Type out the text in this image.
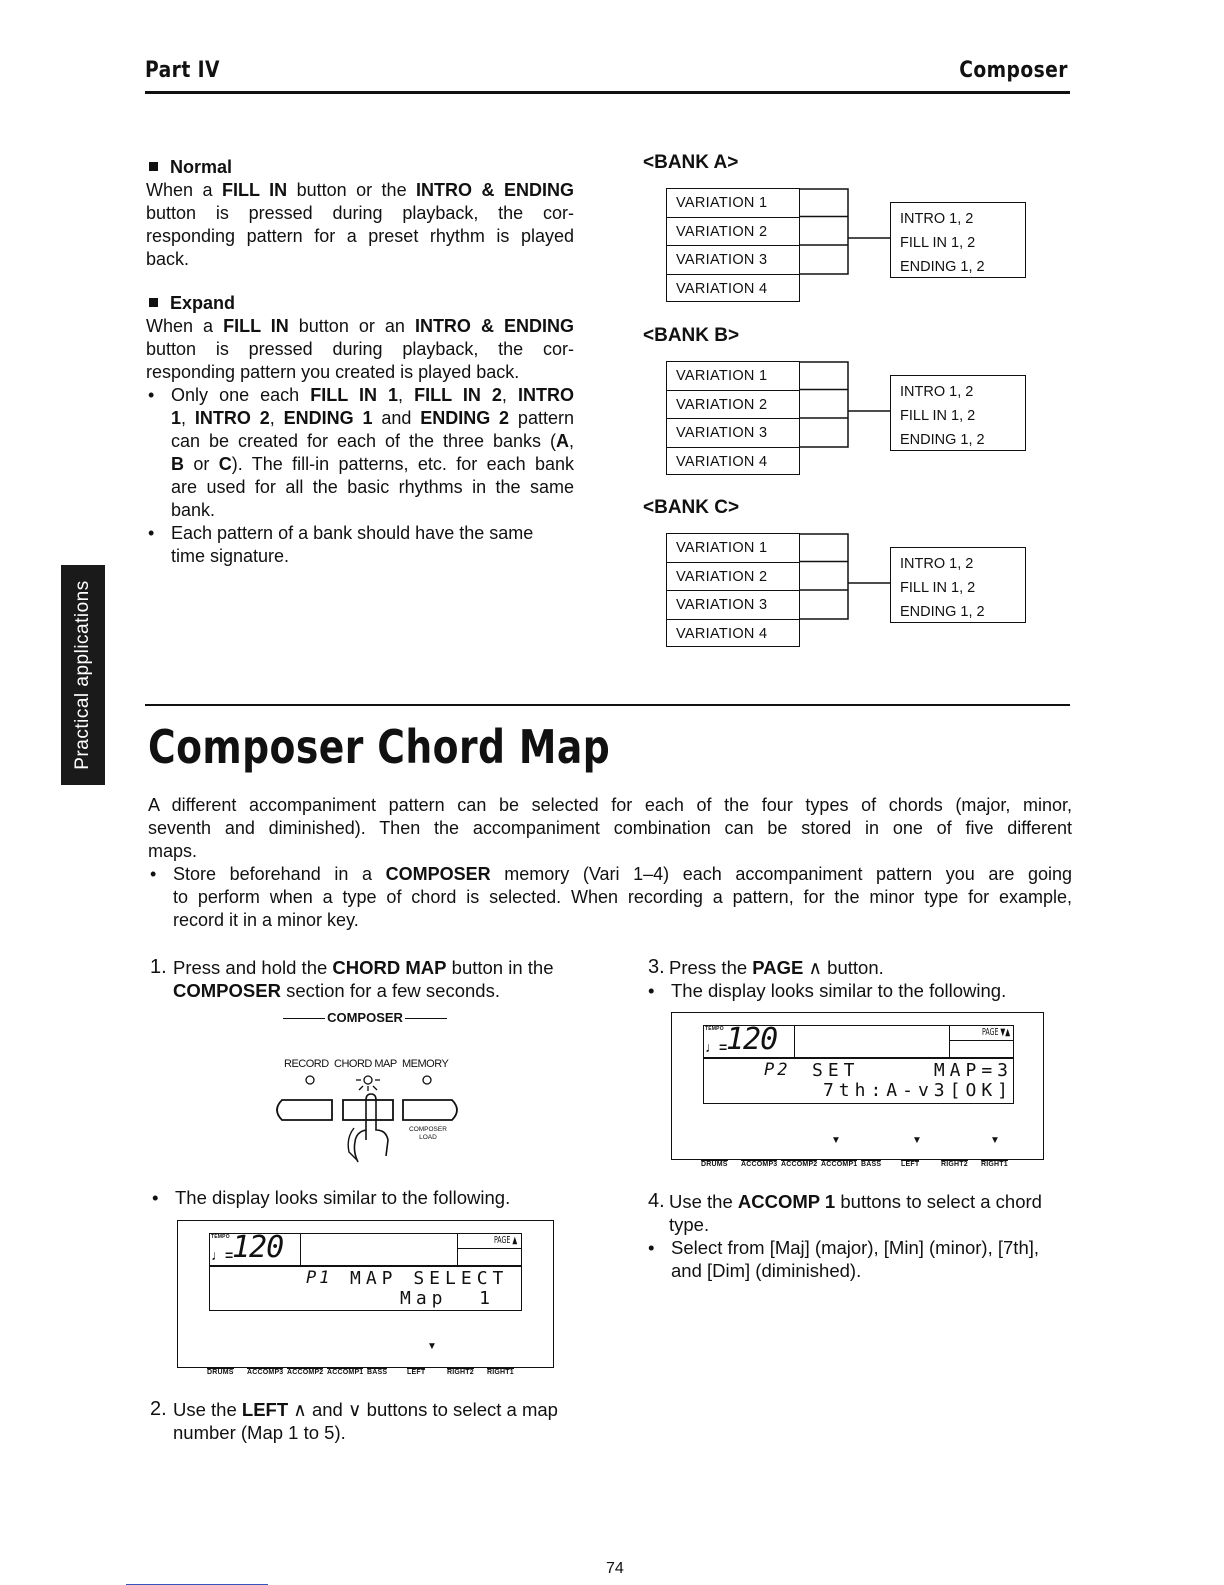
Part IV	Composer
Practical applications
Normal
When a FILL IN button or the INTRO & ENDING
button is pressed during playback, the cor-
responding pattern for a preset rhythm is played
back.
Expand
When a FILL IN button or an INTRO & ENDING
button is pressed during playback, the cor-
responding pattern you created is played back.
• Only one each FILL IN 1, FILL IN 2, INTRO
1, INTRO 2, ENDING 1 and ENDING 2 pattern
can be created for each of the three banks (A,
B or C). The fill-in patterns, etc. for each bank
are used for all the basic rhythms in the same
bank.
• Each pattern of a bank should have the same
time signature.
<BANK A>
VARIATION 1
VARIATION 2
VARIATION 3
VARIATION 4
INTRO 1, 2
FILL IN 1, 2
ENDING 1, 2
<BANK B>
VARIATION 1
VARIATION 2
VARIATION 3
VARIATION 4
INTRO 1, 2
FILL IN 1, 2
ENDING 1, 2
<BANK C>
VARIATION 1
VARIATION 2
VARIATION 3
VARIATION 4
INTRO 1, 2
FILL IN 1, 2
ENDING 1, 2
Composer Chord Map
A different accompaniment pattern can be selected for each of the four types of chords (major, minor,
seventh and diminished). Then the accompaniment combination can be stored in one of five different
maps.
• Store beforehand in a COMPOSER memory (Vari 1–4) each accompaniment pattern you are going
to perform when a type of chord is selected. When recording a pattern, for the minor type for example,
record it in a minor key.
1. Press and hold the CHORD MAP button in the
COMPOSER section for a few seconds.
COMPOSER
RECORD CHORD MAP MEMORY
COMPOSER
LOAD
• The display looks similar to the following.
TEMPO
♩=
120	PAGE ▲
P1 MAP SELECT
Map  1
▼
DRUMS ACCOMP3 ACCOMP2 ACCOMP1 BASS	LEFT	RIGHT2 RIGHT1
2. Use the LEFT ∧ and ∨ buttons to select a map
number (Map 1 to 5).
3. Press the PAGE ∧ button.
• The display looks similar to the following.
TEMPO
♩=
120	PAGE ▼▲
P2 SET	MAP=3
7th:A-v3[OK]
▼	▼	▼
DRUMS ACCOMP3 ACCOMP2 ACCOMP1 BASS	LEFT	RIGHT2 RIGHT1
4. Use the ACCOMP 1 buttons to select a chord
type.
• Select from [Maj] (major), [Min] (minor), [7th],
and [Dim] (diminished).
74
